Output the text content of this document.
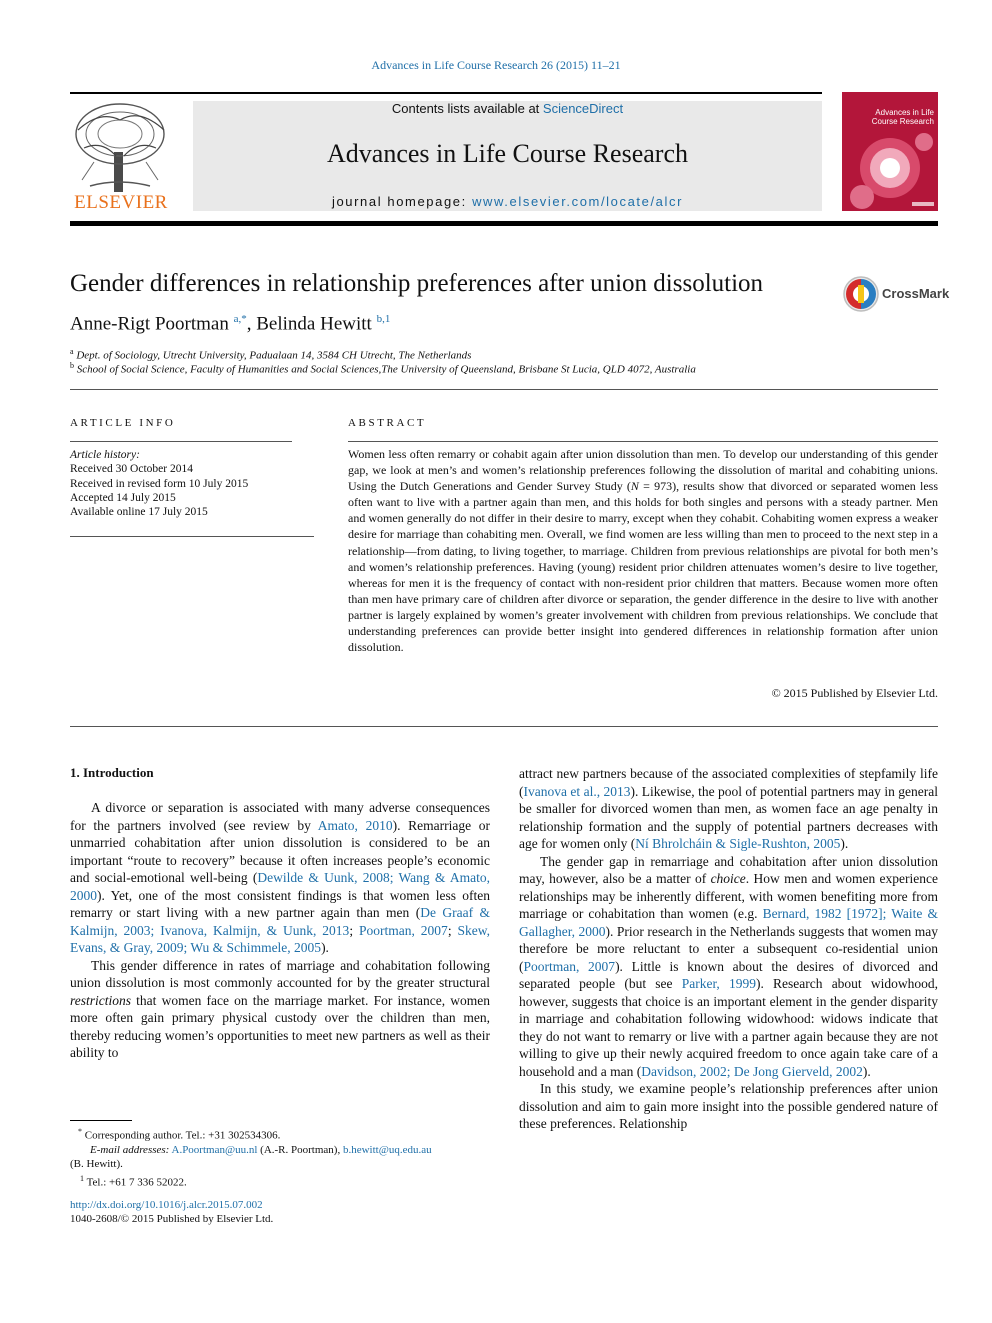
Advances in Life Course Research 26 (2015) 11–21
ELSEVIER
Contents lists available at ScienceDirect
Advances in Life Course Research
journal homepage: www.elsevier.com/locate/alcr
Advances in Life Course Research
Gender differences in relationship preferences after union dissolution	CrossMark
Anne-Rigt Poortman $^{a,*}$, Belinda Hewitt $^{b,1}$
$^a$ Dept. of Sociology, Utrecht University, Padualaan 14, 3584 CH Utrecht, The Netherlands
$^b$ School of Social Science, Faculty of Humanities and Social Sciences,The University of Queensland, Brisbane St Lucia, QLD 4072, Australia
ARTICLE INFO
Article history:
Received 30 October 2014
Received in revised form 10 July 2015
Accepted 14 July 2015
Available online 17 July 2015
ABSTRACT
Women less often remarry or cohabit again after union dissolution than men. To develop our understanding of this gender gap, we look at men’s and women’s relationship preferences following the dissolution of marital and cohabiting unions. Using the Dutch Generations and Gender Survey Study (N = 973), results show that divorced or separated women less often want to live with a partner again than men, and this holds for both singles and persons with a steady partner. Men and women generally do not differ in their desire to marry, except when they cohabit. Cohabiting women express a weaker desire for marriage than cohabiting men. Overall, we find women are less willing than men to proceed to the next step in a relationship—from dating, to living together, to marriage. Children from previous relationships are pivotal for both men’s and women’s relationship preferences. Having (young) resident prior children attenuates women’s desire to live together, whereas for men it is the frequency of contact with non-resident prior children that matters. Because women more often than men have primary care of children after divorce or separation, the gender difference in the desire to live with another partner is largely explained by women’s greater involvement with children from previous relationships. We conclude that understanding preferences can provide better insight into gendered differences in relationship formation after union dissolution.
© 2015 Published by Elsevier Ltd.
1. Introduction

A divorce or separation is associated with many adverse consequences for the partners involved (see review by Amato, 2010). Remarriage or unmarried cohabitation after union dissolution is considered to be an important “route to recovery” because it often increases people’s economic and social-emotional well-being (Dewilde & Uunk, 2008; Wang & Amato, 2000). Yet, one of the most consistent findings is that women less often remarry or start living with a new partner again than men (De Graaf & Kalmijn, 2003; Ivanova, Kalmijn, & Uunk, 2013; Poortman, 2007; Skew, Evans, & Gray, 2009; Wu & Schimmele, 2005).

This gender difference in rates of marriage and cohabitation following union dissolution is most commonly accounted for by the greater structural restrictions that women face on the marriage market. For instance, women more often gain primary physical custody over the children than men, thereby reducing women’s opportunities to meet new partners as well as their ability to

attract new partners because of the associated complexities of stepfamily life (Ivanova et al., 2013). Likewise, the pool of potential partners may in general be smaller for divorced women than men, as women face an age penalty in relationship formation and the supply of potential partners decreases with age for women only (Ní Bhrolcháin & Sigle-Rushton, 2005).

The gender gap in remarriage and cohabitation after union dissolution may, however, also be a matter of choice. How men and women experience relationships may be inherently different, with women benefiting more from marriage or cohabitation than women (e.g. Bernard, 1982 [1972]; Waite & Gallagher, 2000). Prior research in the Netherlands suggests that women may therefore be more reluctant to enter a subsequent co-residential union (Poortman, 2007). Little is known about the desires of divorced and separated people (but see Parker, 1999). Research about widowhood, however, suggests that choice is an important element in the gender disparity in marriage and cohabitation following widowhood: widows indicate that they do not want to remarry or live with a partner again because they are not willing to give up their newly acquired freedom to once again take care of a household and a man (Davidson, 2002; De Jong Gierveld, 2002).

In this study, we examine people’s relationship preferences after union dissolution and aim to gain more insight into the possible gendered nature of these preferences. Relationship

* Corresponding author. Tel.: +31 302534306.
E-mail addresses: A.Poortman@uu.nl (A.-R. Poortman), b.hewitt@uq.edu.au
(B. Hewitt).
$^1$ Tel.: +61 7 336 52022.
http://dx.doi.org/10.1016/j.alcr.2015.07.002
1040-2608/© 2015 Published by Elsevier Ltd.
